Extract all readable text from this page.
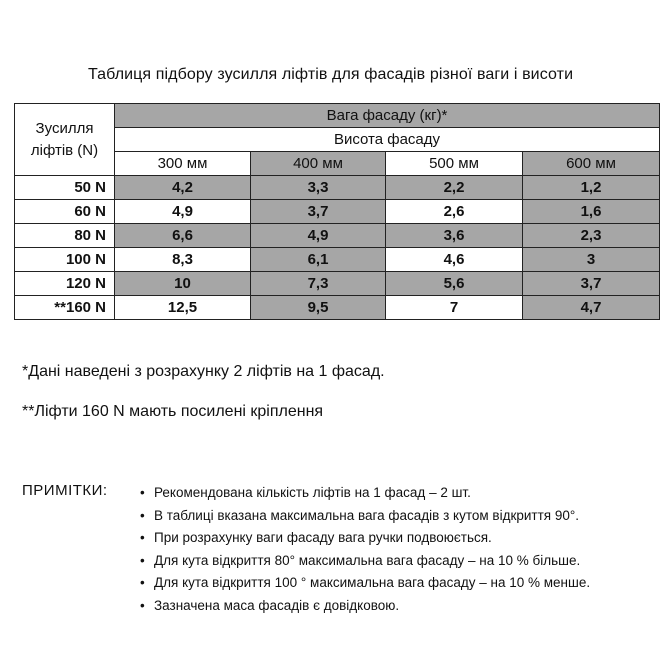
Таблиця підбору зусилля ліфтів для фасадів різної ваги і висоти
Зусилля ліфтів (N)	Вага фасаду (кг)*			
	Висота фасаду			
	300 мм	400 мм	500 мм	600 мм
50 N	4,2	3,3	2,2	1,2
60 N	4,9	3,7	2,6	1,6
80 N	6,6	4,9	3,6	2,3
100 N	8,3	6,1	4,6	3
120 N	10	7,3	5,6	3,7
**160 N	12,5	9,5	7	4,7
*Дані наведені з розрахунку 2 ліфтів на 1 фасад.
**Ліфти 160 N мають посилені кріплення
ПРИМІТКИ: • Рекомендована кількість ліфтів на 1 фасад – 2 шт.
• В таблиці вказана максимальна вага фасадів з кутом відкриття 90°.
• При розрахунку ваги фасаду вага ручки подвоюється.
• Для кута відкриття 80° максимальна вага фасаду – на 10 % більше.
• Для кута відкриття 100 ° максимальна вага фасаду – на 10 % менше.
• Зазначена маса фасадів є довідковою.
